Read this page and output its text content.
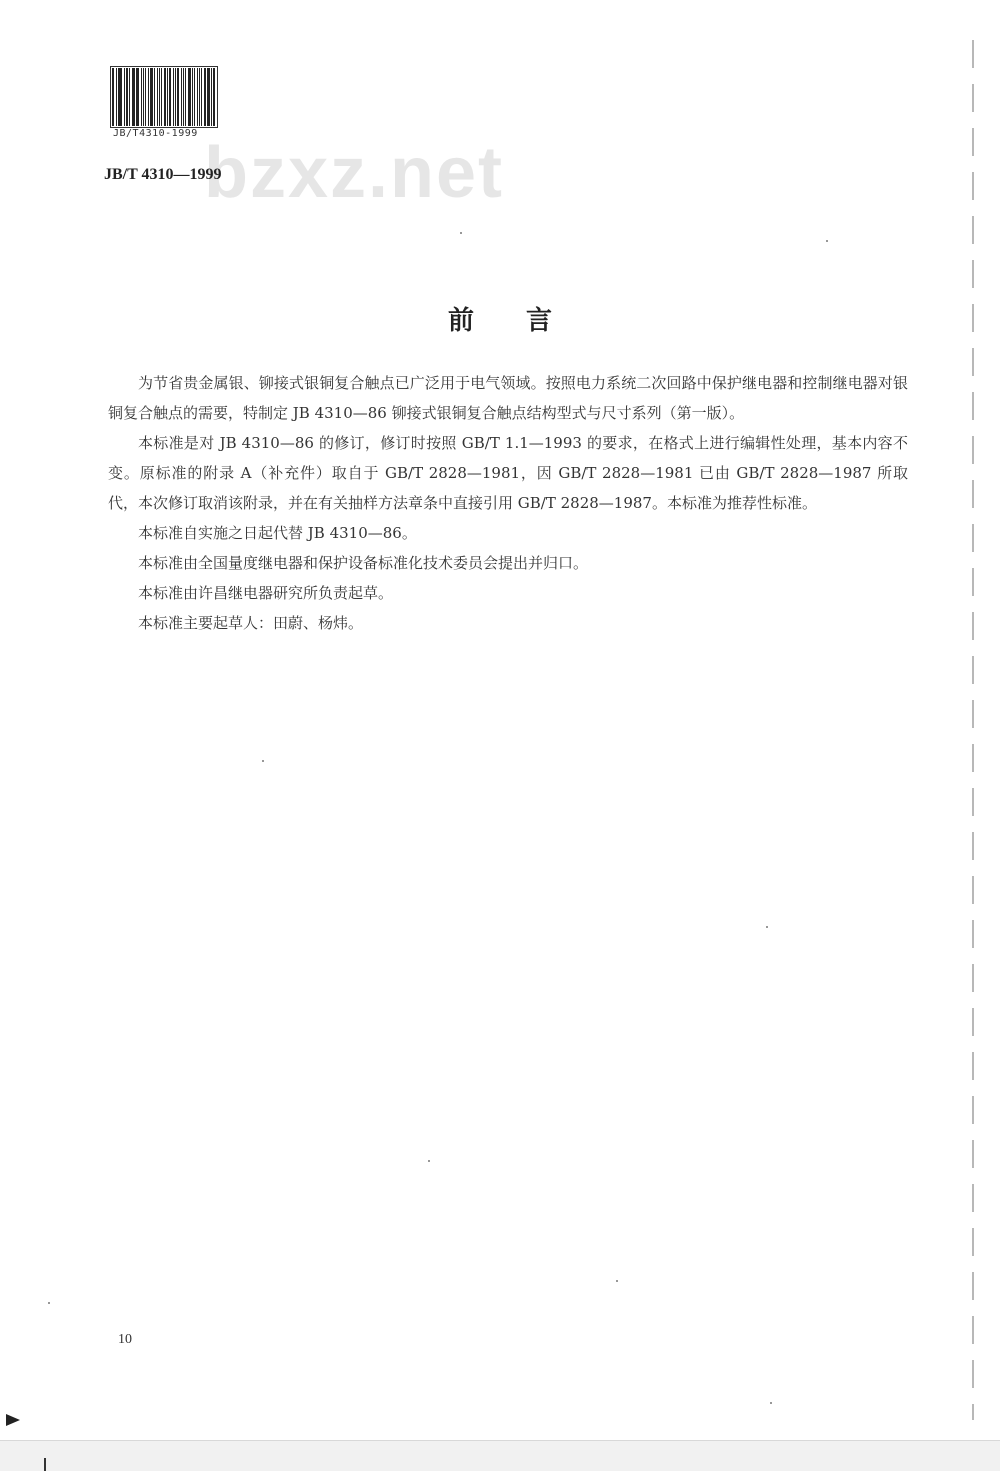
JB/T4310-1999 bzxz.net
JB/T 4310—1999
前言

为节省贵金属银、铆接式银铜复合触点已广泛用于电气领域。按照电力系统二次回路中保护继电器和控制继电器对银铜复合触点的需要，特制定 JB 4310—86 铆接式银铜复合触点结构型式与尺寸系列（第一版）。

本标准是对 JB 4310—86 的修订，修订时按照 GB/T 1.1—1993 的要求，在格式上进行编辑性处理，基本内容不变。原标准的附录 A（补充件）取自于 GB/T 2828—1981，因 GB/T 2828—1981 已由 GB/T 2828—1987 所取代，本次修订取消该附录，并在有关抽样方法章条中直接引用 GB/T 2828—1987。本标准为推荐性标准。

本标准自实施之日起代替 JB 4310—86。

本标准由全国量度继电器和保护设备标准化技术委员会提出并归口。

本标准由许昌继电器研究所负责起草。

本标准主要起草人：田蔚、杨炜。

10
